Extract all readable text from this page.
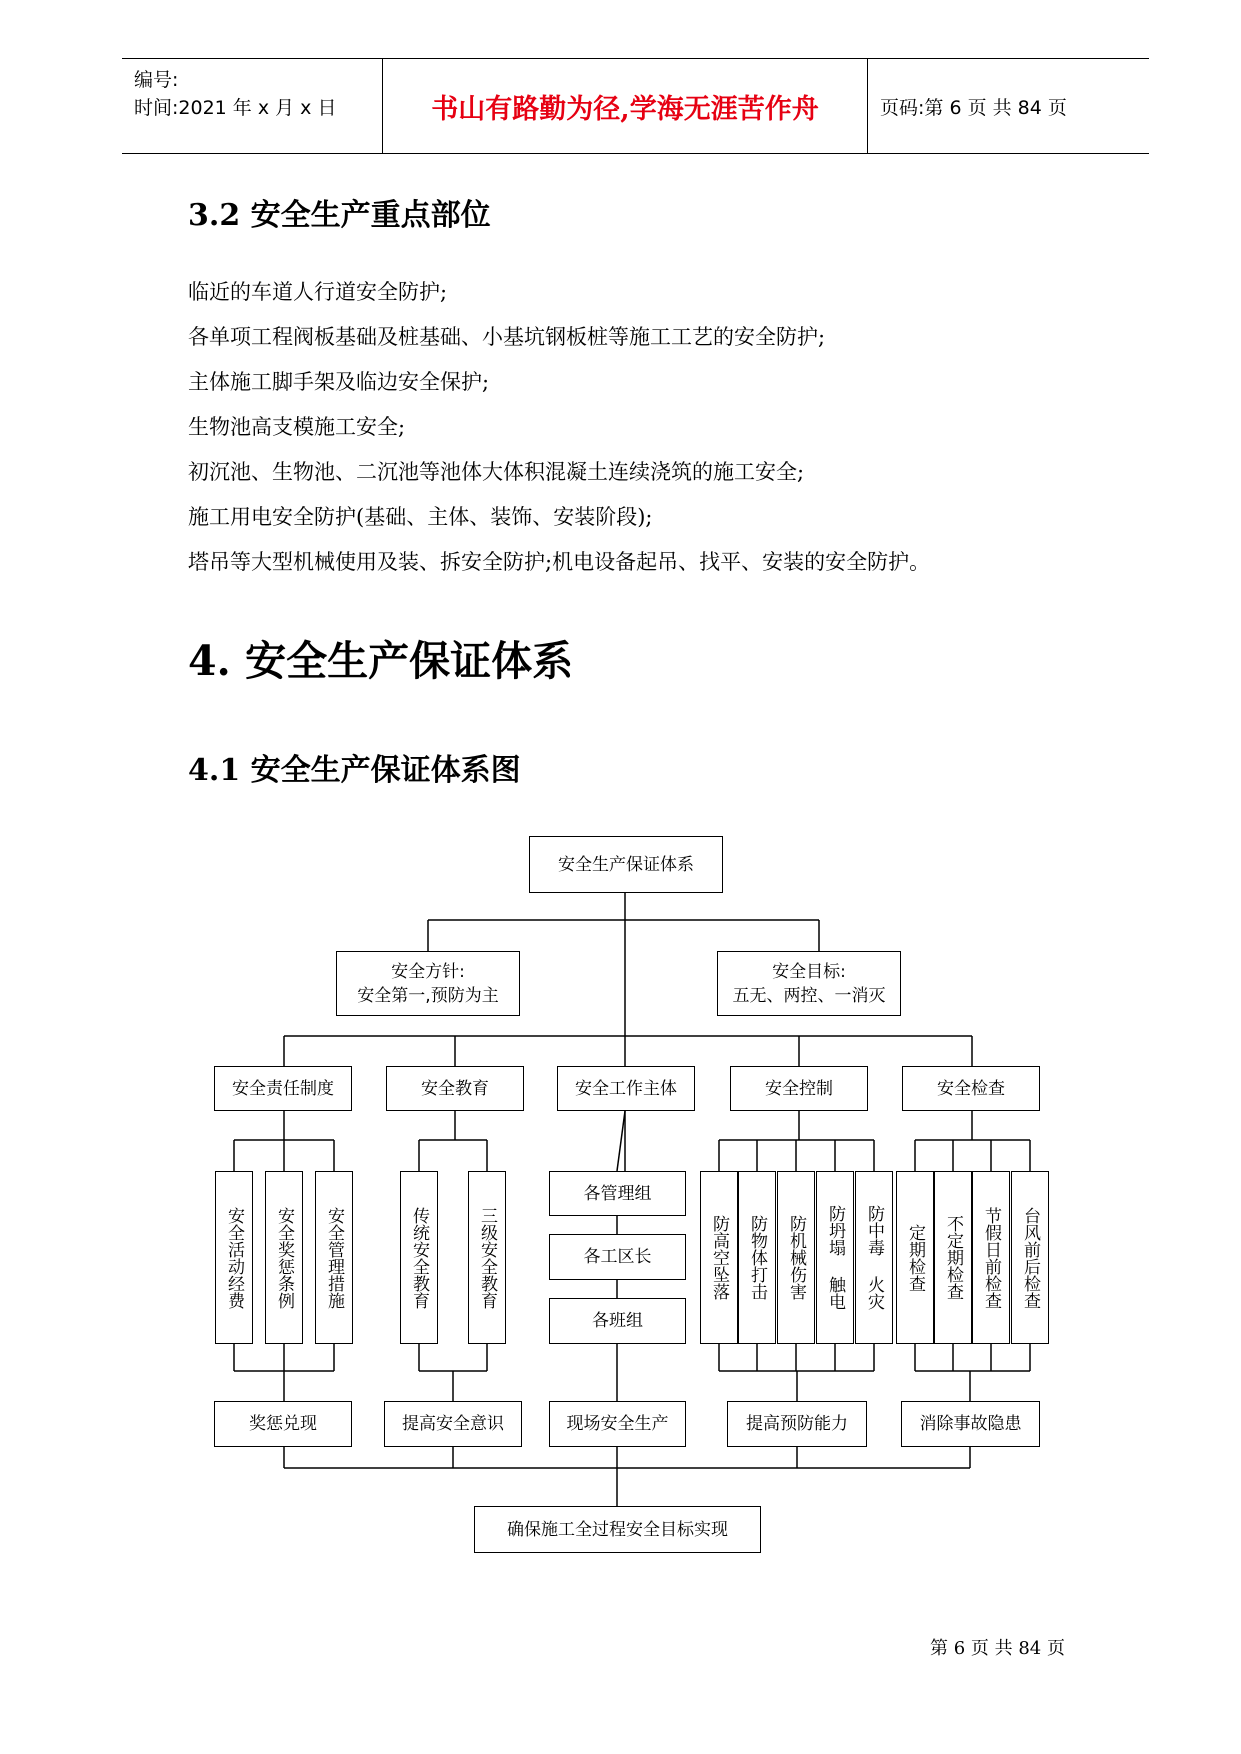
编号:
时间:2021 年 x 月 x 日	书山有路勤为径,学海无涯苦作舟	页码:第 6 页 共 84 页
3.2 安全生产重点部位
临近的车道人行道安全防护;
各单项工程阀板基础及桩基础、小基坑钢板桩等施工工艺的安全防护;
主体施工脚手架及临边安全保护;
生物池高支模施工安全;
初沉池、生物池、二沉池等池体大体积混凝土连续浇筑的施工安全;
施工用电安全防护(基础、主体、装饰、安装阶段);
塔吊等大型机械使用及装、拆安全防护;机电设备起吊、找平、安装的安全防护。
4. 安全生产保证体系
4.1 安全生产保证体系图
安全生产保证体系
安全方针:
安全第一,预防为主
安全目标:
五无、两控、一消灭
安全责任制度	安全教育	安全工作主体	安全控制	安全检查
安全活动经费	安全奖惩条例	安全管理措施	传统安全教育	三级安全教育
各管理组
各工区长
各班组
防高空坠落	防物体打击	防机械伤害	防坍塌 触电	防中毒 火灾	定期检查	不定期检查	节假日前检查	台风前后检查
奖惩兑现	提高安全意识	现场安全生产	提高预防能力	消除事故隐患
确保施工全过程安全目标实现
第 6 页 共 84 页
